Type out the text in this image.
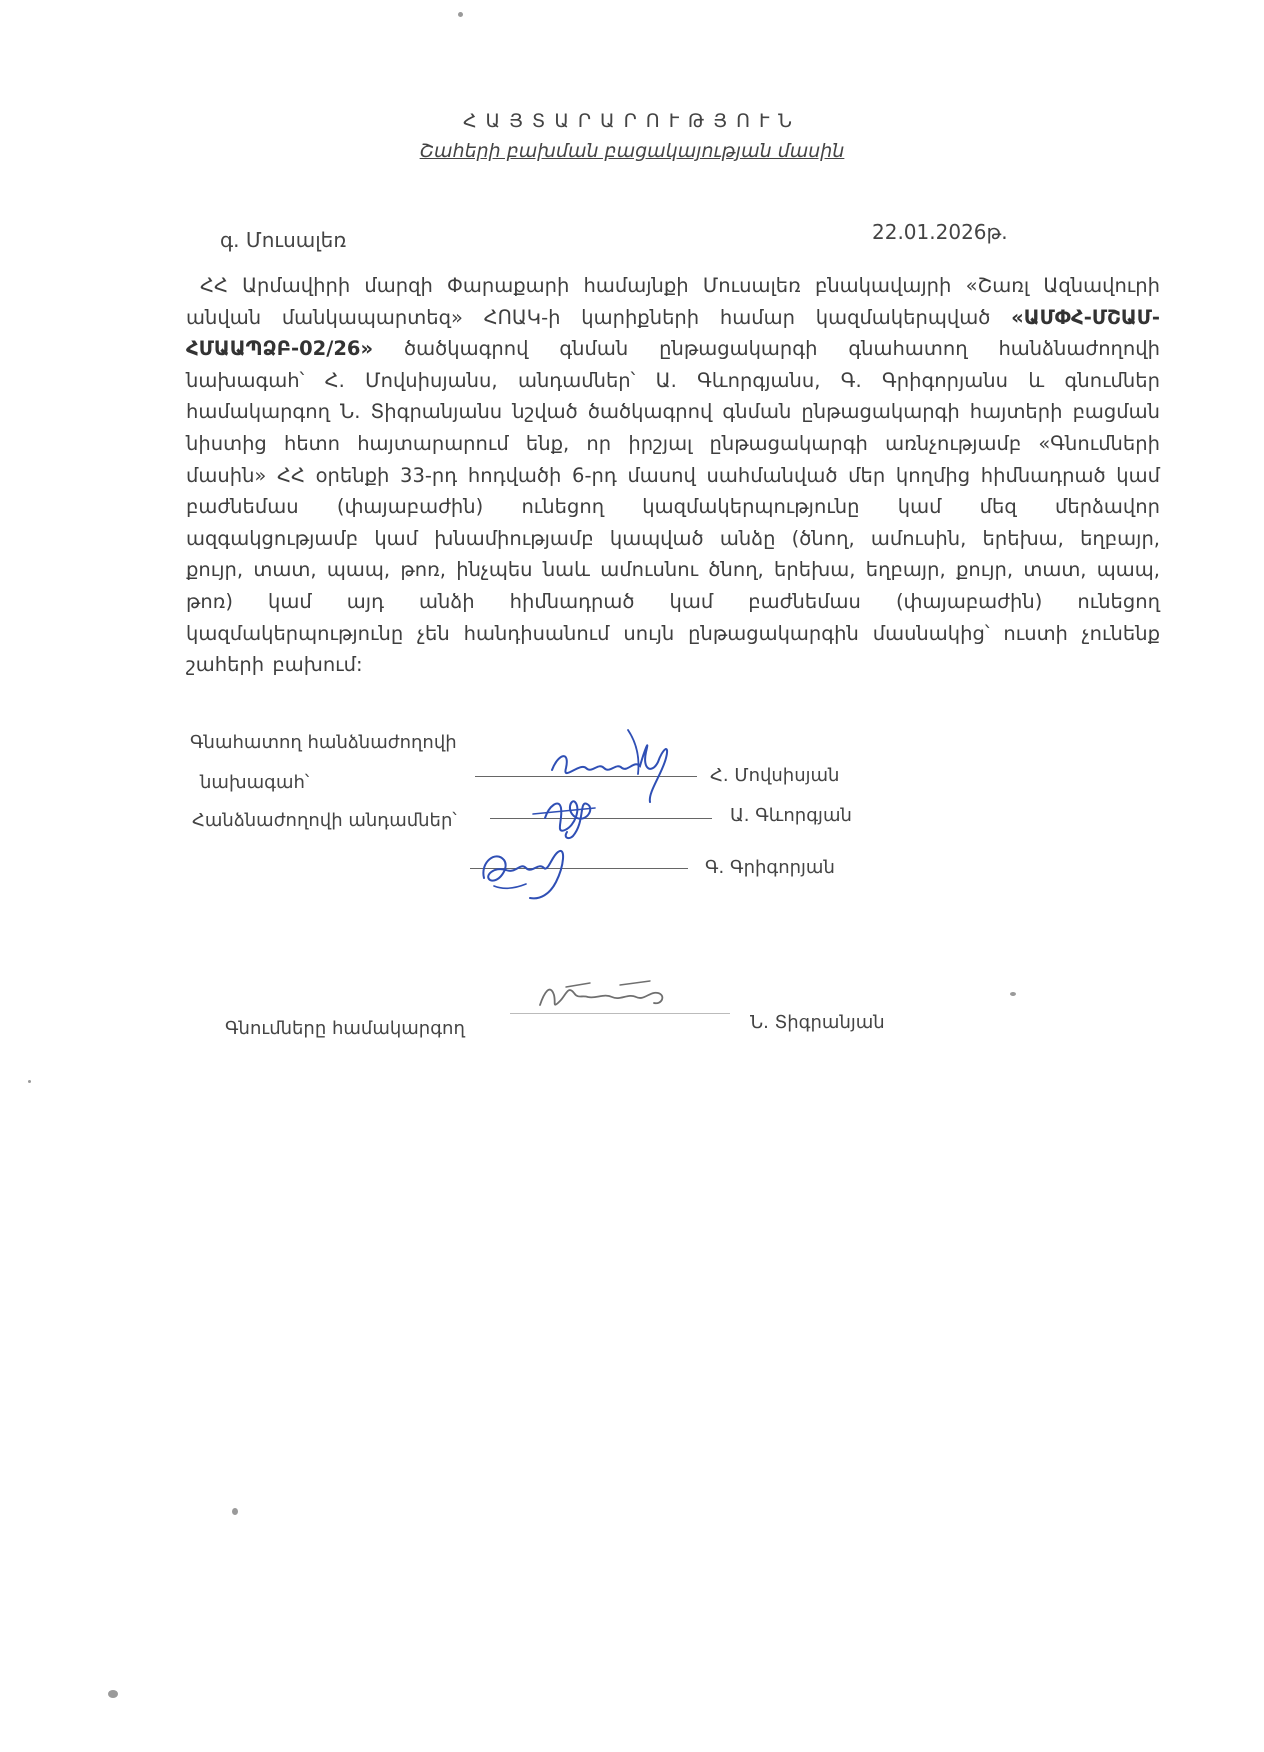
ՀԱՅՏԱՐԱՐՈՒԹՅՈՒՆ
Շահերի բախման բացակայության մասին
գ. Մուսալեռ	22.01.2026թ.
ՀՀ Արմավիրի մարզի Փարաքարի համայնքի Մուսալեռ բնակավայրի «Շառլ Ազնավուրի անվան մանկապարտեզ» ՀՈԱԿ-ի կարիքների համար կազմակերպված «ԱՄՓՀ-ՄՇԱՄ-ՀՄԱԱՊՁԲ-02/26» ծածկագրով գնման ընթացակարգի գնահատող հանձնաժողովի նախագահ՝ Հ. Մովսիսյանս, անդամներ՝ Ա. Գևորգյանս, Գ. Գրիգորյանս և գնումներ համակարգող Ն. Տիգրանյանս նշված ծածկագրով գնման ընթացակարգի հայտերի բացման նիստից հետո հայտարարում ենք, որ իրշյալ ընթացակարգի առնչությամբ «Գնումների մասին» ՀՀ օրենքի 33-րդ հոդվածի 6-րդ մասով սահմանված մեր կողմից հիմնադրած կամ բաժնեմաս (փայաբաժին) ունեցող կազմակերպությունը կամ մեզ մերձավոր ազգակցությամբ կամ խնամիությամբ կապված անձը (ծնող, ամուսին, երեխա, եղբայր, քույր, տատ, պապ, թոռ, ինչպես նաև ամուսնու ծնող, երեխա, եղբայր, քույր, տատ, պապ, թոռ) կամ այդ անձի հիմնադրած կամ բաժնեմաս (փայաբաժին) ունեցող կազմակերպությունը չեն հանդիսանում սույն ընթացակարգին մասնակից՝ ուստի չունենք շահերի բախում:
Գնահատող հանձնաժողովի
նախագահ՝	Հ. Մովսիսյան
Հանձնաժողովի անդամներ՝	Ա. Գևորգյան
Գ. Գրիգորյան
Գնումները համակարգող	Ն. Տիգրանյան
